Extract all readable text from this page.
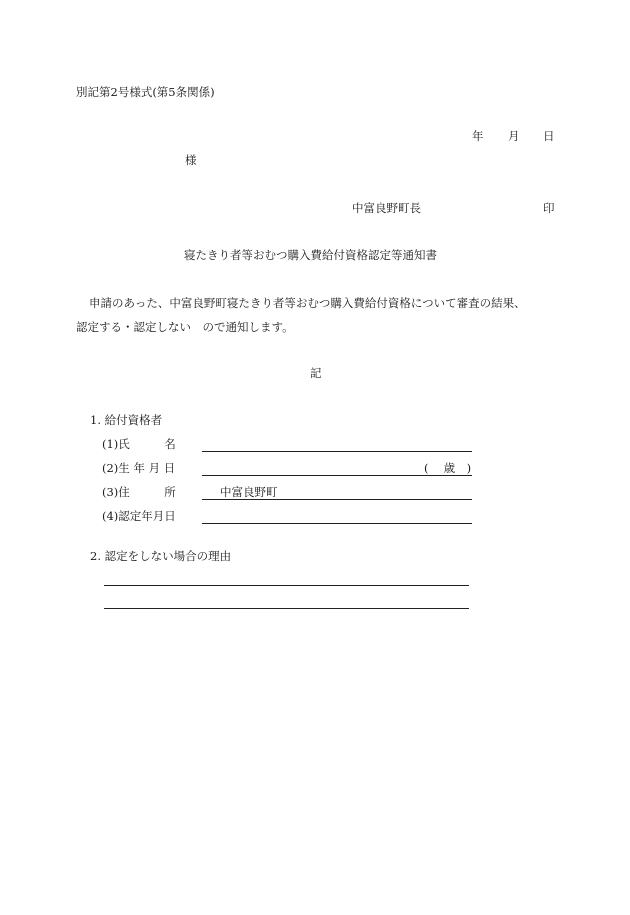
別記第2号様式(第5条関係)
年 月 日
様
中富良野町長	印
寝たきり者等おむつ購入費給付資格認定等通知書
申請のあった、中富良野町寝たきり者等おむつ購入費給付資格について審査の結果、
認定する・認定しない　ので通知します。
記
1. 給付資格者
(1)氏　　　名
(2)生 年 月 日	(　 歳　)
(3)住　　　所	中富良野町
(4)認定年月日
2. 認定をしない場合の理由
